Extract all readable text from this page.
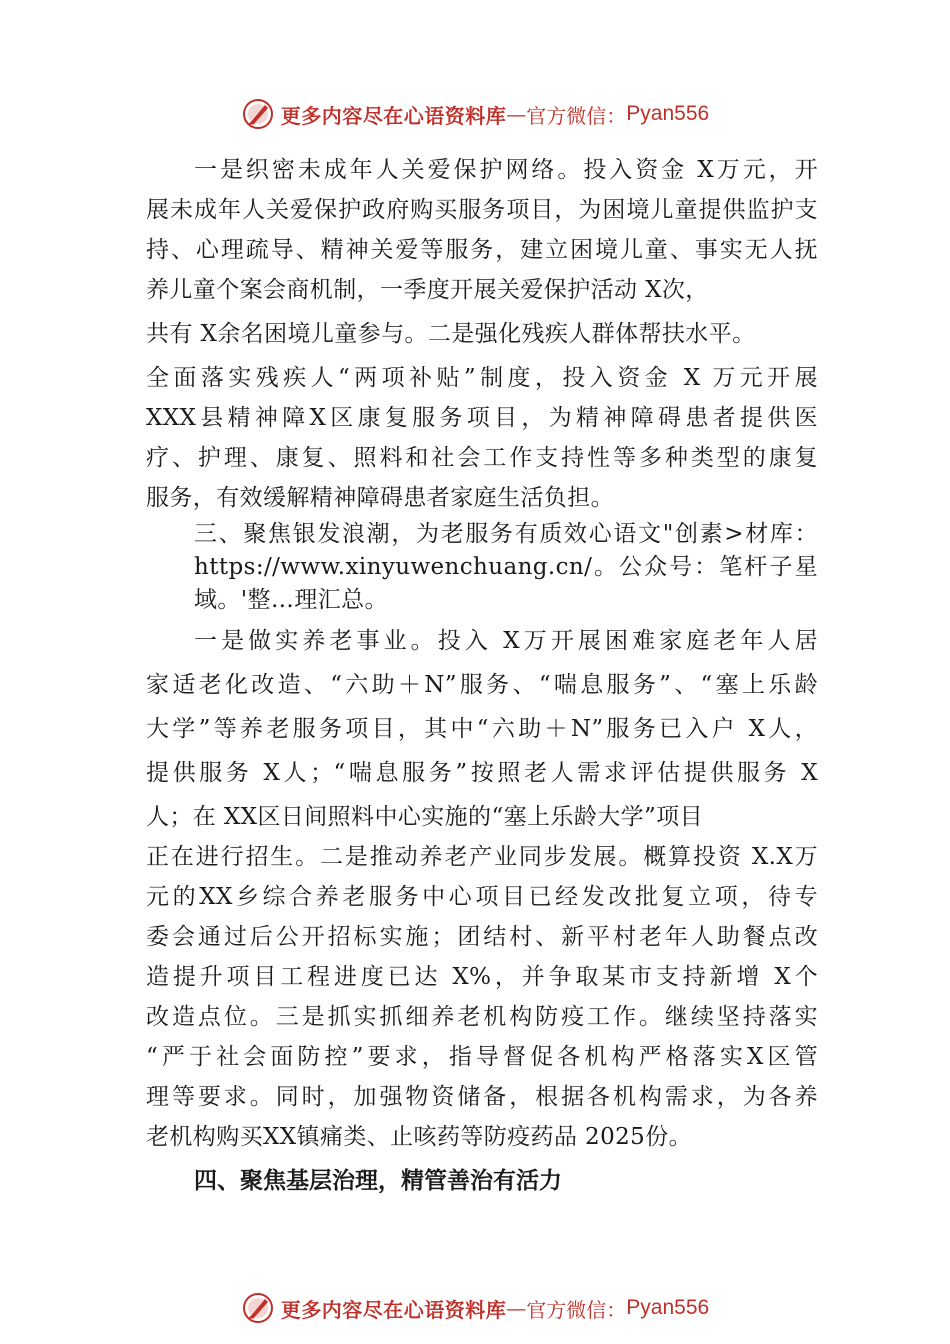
更多内容尽在心语资料库 — 官方微信： Pyan556
一是织密未成年人关爱保护网络。投入资金 X万元，开
展未成年人关爱保护政府购买服务项目，为困境儿童提供监护支
持、心理疏导、精神关爱等服务，建立困境儿童、事实无人抚
养儿童个案会商机制，一季度开展关爱保护活动 X次，
共有 X余名困境儿童参与。二是强化残疾人群体帮扶水平。
全面落实残疾人“两项补贴”制度，投入资金 X 万元开展
XXX县精神障X区康复服务项目，为精神障碍患者提供医
疗、护理、康复、照料和社会工作支持性等多种类型的康复
服务，有效缓解精神障碍患者家庭生活负担。
三、聚焦银发浪潮，为老服务有质效心语文"创素>材库：
https://www.xinyuwenchuang.cn/。公众号：笔杆子星
域。'整…理汇总。
一是做实养老事业。投入 X万开展困难家庭老年人居
家适老化改造、“六助＋N”服务、“喘息服务”、“塞上乐龄
大学”等养老服务项目，其中“六助＋N”服务已入户 X人，
提供服务 X人；“喘息服务”按照老人需求评估提供服务 X
人；在 XX区日间照料中心实施的“塞上乐龄大学”项目
正在进行招生。二是推动养老产业同步发展。概算投资 X.X万
元的XX乡综合养老服务中心项目已经发改批复立项，待专
委会通过后公开招标实施；团结村、新平村老年人助餐点改
造提升项目工程进度已达 X%，并争取某市支持新增 X个
改造点位。三是抓实抓细养老机构防疫工作。继续坚持落实
“严于社会面防控”要求，指导督促各机构严格落实X区管
理等要求。同时，加强物资储备，根据各机构需求，为各养
老机构购买XX镇痛类、止咳药等防疫药品 2025份。
四、聚焦基层治理，精管善治有活力
更多内容尽在心语资料库 — 官方微信： Pyan556
